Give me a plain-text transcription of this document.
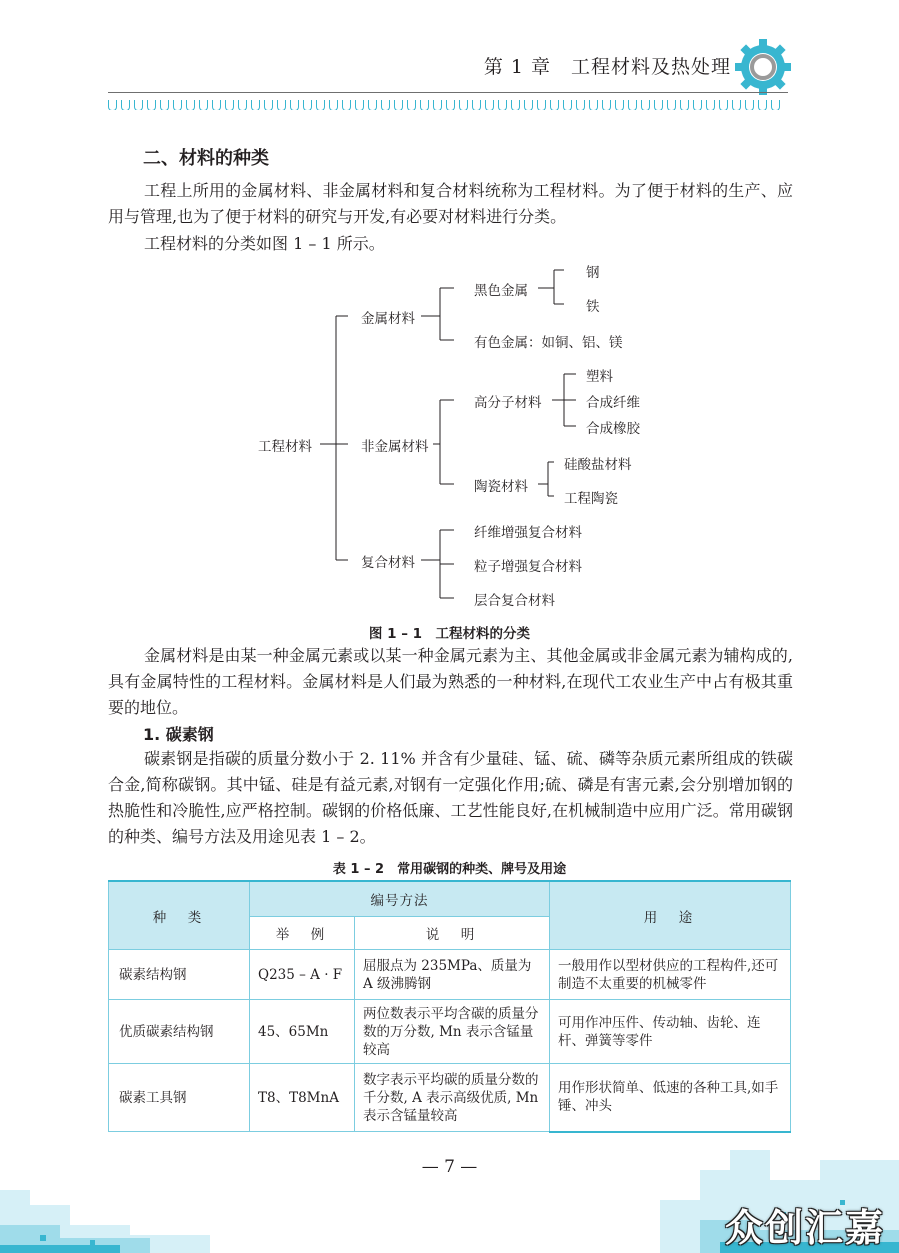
第 1 章　工程材料及热处理
二、材料的种类

工程上所用的金属材料、非金属材料和复合材料统称为工程材料。为了便于材料的生产、应用与管理,也为了便于材料的研究与开发,有必要对材料进行分类。

工程材料的分类如图 1 – 1 所示。

工程材料
金属材料
黑色金属
钢
铁
有色金属：如铜、铝、镁
非金属材料
高分子材料
塑料
合成纤维
合成橡胶
陶瓷材料
硅酸盐材料
工程陶瓷
复合材料
纤维增强复合材料
粒子增强复合材料
层合复合材料
图 1 – 1　工程材料的分类

金属材料是由某一种金属元素或以某一种金属元素为主、其他金属或非金属元素为辅构成的,具有金属特性的工程材料。金属材料是人们最为熟悉的一种材料,在现代工农业生产中占有极其重要的地位。

1. 碳素钢

碳素钢是指碳的质量分数小于 2. 11% 并含有少量硅、锰、硫、磷等杂质元素所组成的铁碳合金,简称碳钢。其中锰、硅是有益元素,对钢有一定强化作用;硫、磷是有害元素,会分别增加钢的热脆性和冷脆性,应严格控制。碳钢的价格低廉、工艺性能良好,在机械制造中应用广泛。常用碳钢的种类、编号方法及用途见表 1 – 2。

表 1 – 2　常用碳钢的种类、牌号及用途
种　类	编号方法		用　途
	举　例	说　明	
碳素结构钢	Q235 – A · F	屈服点为 235MPa、质量为 A 级沸腾钢	一般用作以型材供应的工程构件,还可制造不太重要的机械零件
优质碳素结构钢	45、65Mn	两位数表示平均含碳的质量分数的万分数, Mn 表示含锰量较高	可用作冲压件、传动轴、齿轮、连杆、弹簧等零件
碳素工具钢	T8、T8MnA	数字表示平均碳的质量分数的千分数, A 表示高级优质, Mn 表示含锰量较高	用作形状简单、低速的各种工具,如手锤、冲头
— 7 —
众创汇嘉
